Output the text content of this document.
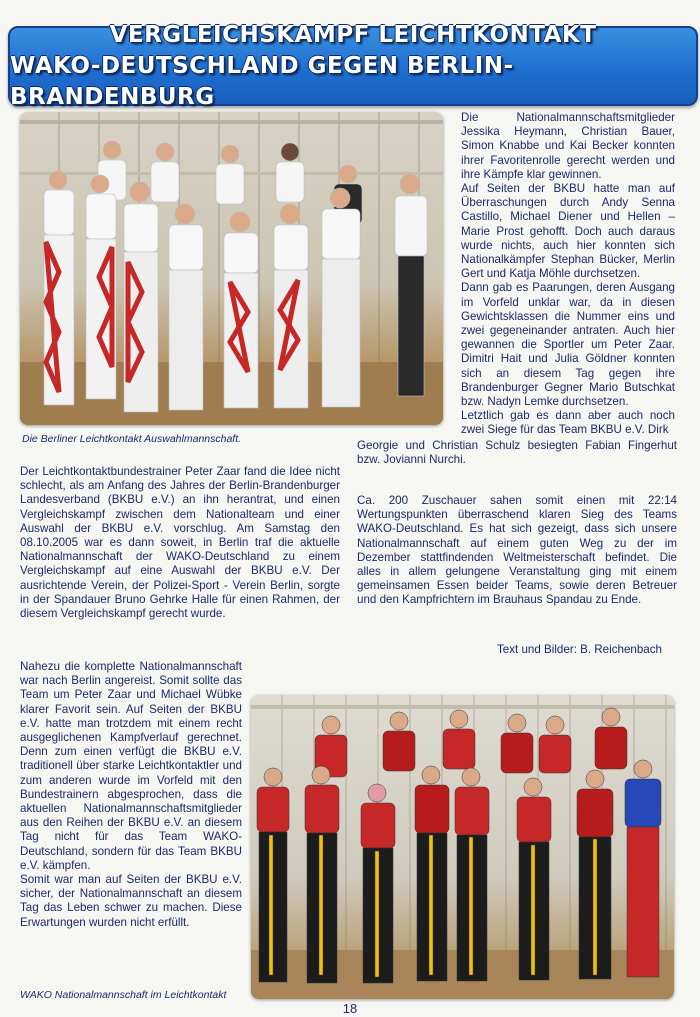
VERGLEICHSKAMPF LEICHTKONTAKT
WAKO-DEUTSCHLAND GEGEN BERLIN-BRANDENBURG
Die Berliner Leichtkontakt Auswahlmannschaft.

Die Nationalmannschaftsmitglieder Jessika Heymann, Christian Bauer, Simon Knabbe und Kai Becker konnten ihrer Favoritenrolle gerecht werden und ihre Kämpfe klar gewinnen.

Auf Seiten der BKBU hatte man auf Überraschungen durch Andy Senna Castillo, Michael Diener und Hellen – Marie Prost gehofft. Doch auch daraus wurde nichts, auch hier konnten sich Nationalkämpfer Stephan Bücker, Merlin Gert und Katja Möhle durchsetzen.

Dann gab es Paarungen, deren Ausgang im Vorfeld unklar war, da in diesen Gewichtsklassen die Nummer eins und zwei gegeneinander antraten. Auch hier gewannen die Sportler um Peter Zaar. Dimitri Hait und Julia Göldner konnten sich an diesem Tag gegen ihre Brandenburger Gegner Mario Butschkat bzw. Nadyn Lemke durchsetzen.

Letztlich gab es dann aber auch noch zwei Siege für das Team BKBU e.V. Dirk

Georgie und Christian Schulz besiegten Fabian Fingerhut bzw. Jovianni Nurchi.

Der Leichtkontaktbundestrainer Peter Zaar fand die Idee nicht schlecht, als am Anfang des Jahres der Berlin-Brandenburger Landesverband (BKBU e.V.) an ihn herantrat, und einen Vergleichskampf zwischen dem Nationalteam und einer Auswahl der BKBU e.V. vorschlug. Am Samstag den 08.10.2005 war es dann soweit, in Berlin traf die aktuelle Nationalmannschaft der WAKO-Deutschland zu einem Vergleichskampf auf eine Auswahl der BKBU e.V. Der ausrichtende Verein, der Polizei-Sport - Verein Berlin, sorgte in der Spandauer Bruno Gehrke Halle für einen Rahmen, der diesem Vergleichskampf gerecht wurde.

Ca. 200 Zuschauer sahen somit einen mit 22:14 Wertungspunkten überraschend klaren Sieg des Teams WAKO-Deutschland. Es hat sich gezeigt, dass sich unsere Nationalmannschaft auf einem guten Weg zu der im Dezember stattfindenden Weltmeisterschaft befindet. Die alles in allem gelungene Veranstaltung ging mit einem gemeinsamen Essen beider Teams, sowie deren Betreuer und den Kampfrichtern im Brauhaus Spandau zu Ende.

Text und Bilder: B. Reichenbach

Nahezu die komplette Nationalmannschaft war nach Berlin angereist. Somit sollte das Team um Peter Zaar und Michael Wübke klarer Favorit sein. Auf Seiten der BKBU e.V. hatte man trotzdem mit einem recht ausgeglichenen Kampfverlauf gerechnet. Denn zum einen verfügt die BKBU e.V. traditionell über starke Leichtkontaktler und zum anderen wurde im Vorfeld mit den Bundestrainern abgesprochen, dass die aktuellen Nationalmannschaftsmitglieder aus den Reihen der BKBU e.V. an diesem Tag nicht für das Team WAKO-Deutschland, sondern für das Team BKBU e.V. kämpfen.

Somit war man auf Seiten der BKBU e.V. sicher, der Nationalmannschaft an diesem Tag das Leben schwer zu machen. Diese Erwartungen wurden nicht erfüllt.

WAKO Nationalmannschaft im Leichtkontakt
18
